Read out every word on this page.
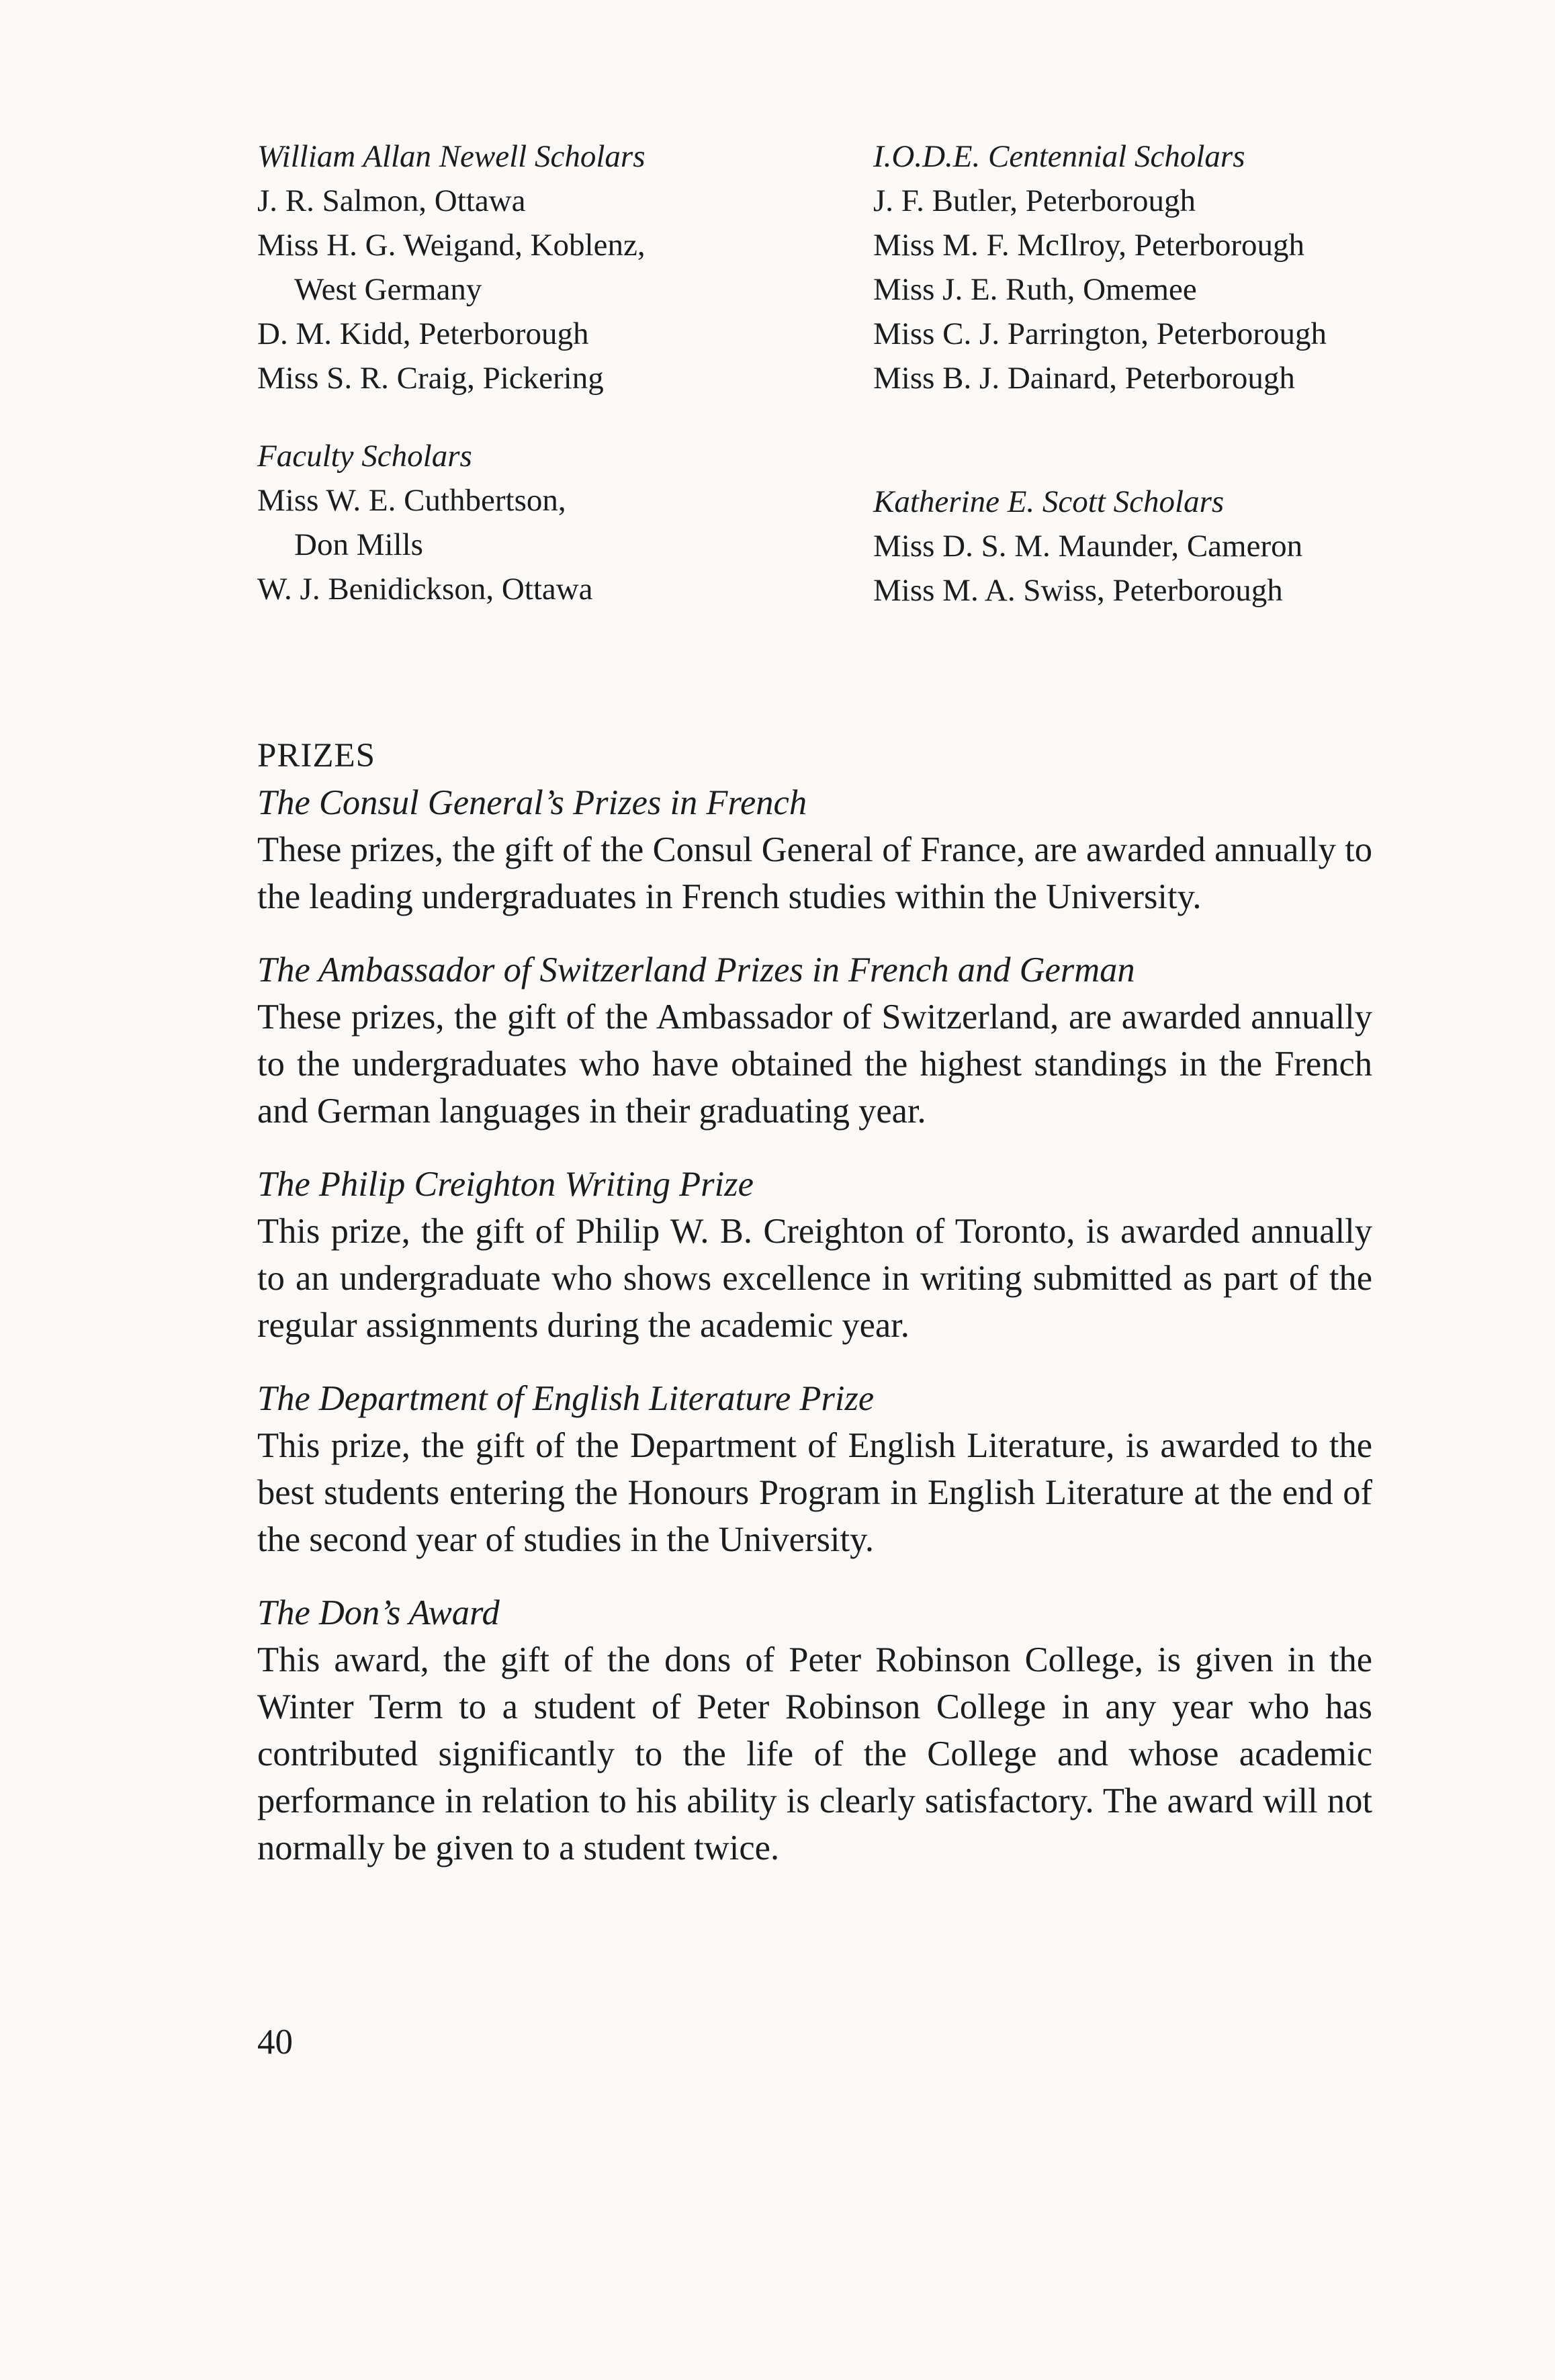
William Allan Newell Scholars
J. R. Salmon, Ottawa
Miss H. G. Weigand, Koblenz,
West Germany
D. M. Kidd, Peterborough
Miss S. R. Craig, Pickering
Faculty Scholars
Miss W. E. Cuthbertson,
Don Mills
W. J. Benidickson, Ottawa
I.O.D.E. Centennial Scholars
J. F. Butler, Peterborough
Miss M. F. McIlroy, Peterborough
Miss J. E. Ruth, Omemee
Miss C. J. Parrington, Peterborough
Miss B. J. Dainard, Peterborough
Katherine E. Scott Scholars
Miss D. S. M. Maunder, Cameron
Miss M. A. Swiss, Peterborough
PRIZES
The Consul General’s Prizes in French
These prizes, the gift of the Consul General of France, are awarded annually to the leading undergraduates in French studies within the University.
The Ambassador of Switzerland Prizes in French and German
These prizes, the gift of the Ambassador of Switzerland, are awarded annually to the undergraduates who have obtained the highest standings in the French and German languages in their graduating year.
The Philip Creighton Writing Prize
This prize, the gift of Philip W. B. Creighton of Toronto, is awarded annually to an undergraduate who shows excellence in writing submitted as part of the regular assignments during the academic year.
The Department of English Literature Prize
This prize, the gift of the Department of English Literature, is awarded to the best students entering the Honours Program in English Literature at the end of the second year of studies in the University.
The Don’s Award
This award, the gift of the dons of Peter Robinson College, is given in the Winter Term to a student of Peter Robinson College in any year who has contributed significantly to the life of the College and whose academic performance in relation to his ability is clearly satisfactory. The award will not normally be given to a student twice.
40
